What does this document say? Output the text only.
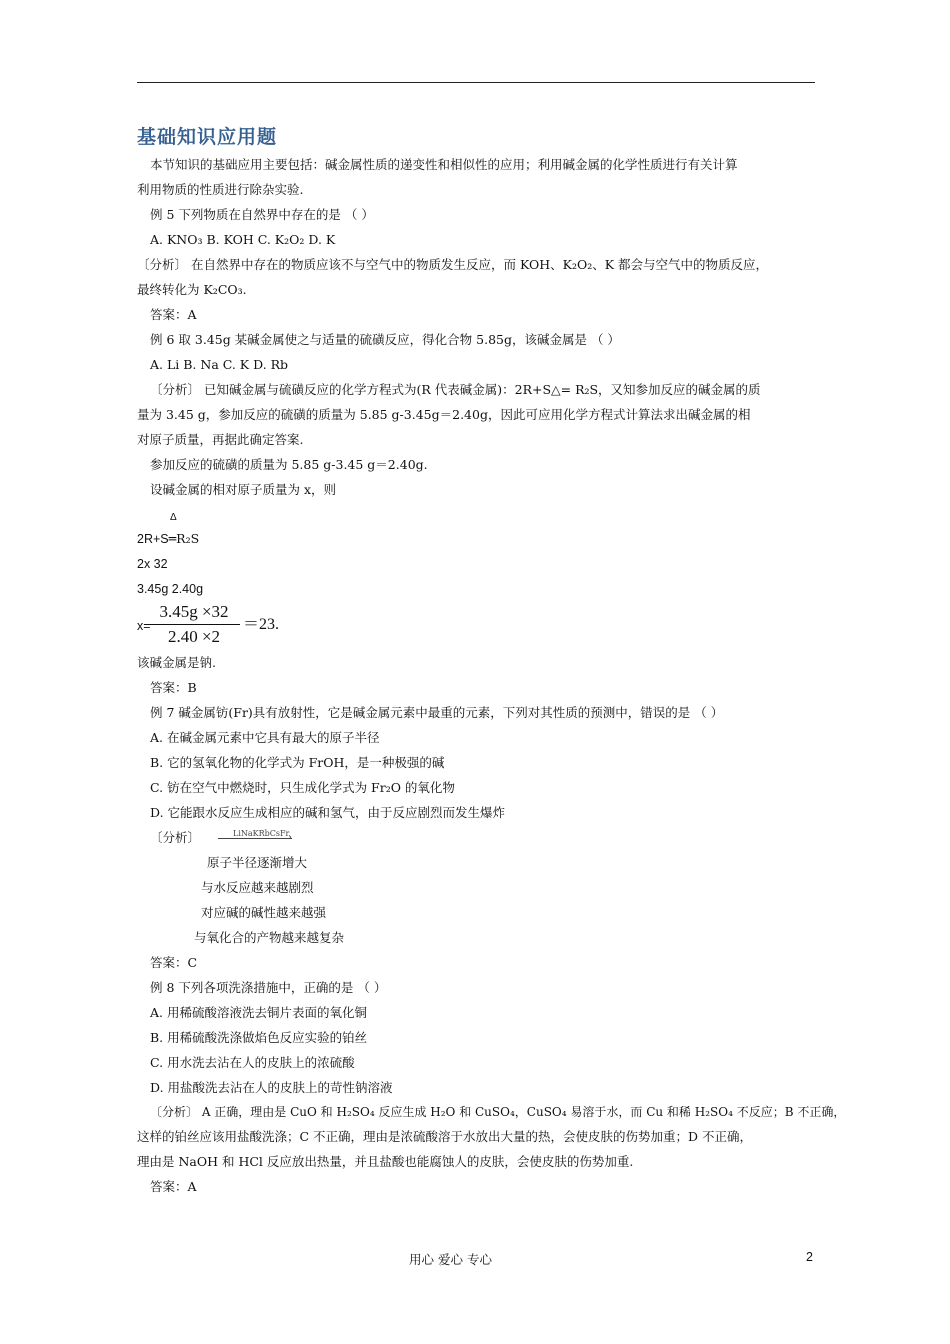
基础知识应用题
本节知识的基础应用主要包括：碱金属性质的递变性和相似性的应用；利用碱金属的化学性质进行有关计算
利用物质的性质进行除杂实验.
例 5 下列物质在自然界中存在的是 （ ）
A. KNO₃ B. KOH C. K₂O₂ D. K
〔分析〕 在自然界中存在的物质应该不与空气中的物质发生反应，而 KOH、K₂O₂、K 都会与空气中的物质反应，
最终转化为 K₂CO₃.
答案：A
例 6 取 3.45g 某碱金属使之与适量的硫磺反应，得化合物 5.85g，该碱金属是 （ ）
A. Li B. Na C. K D. Rb
〔分析〕 已知碱金属与硫磺反应的化学方程式为(R 代表碱金属)：2R+S△= R₂S，又知参加反应的碱金属的质
量为 3.45 g，参加反应的硫磺的质量为 5.85 g-3.45g＝2.40g，因此可应用化学方程式计算法求出碱金属的相
对原子质量，再据此确定答案.
参加反应的硫磺的质量为 5.85 g-3.45 g＝2.40g.
设碱金属的相对原子质量为 x，则
Δ
2R+S═R₂S
2x 32
3.45g 2.40g
x=
$\frac{3.45g \times 32}{2.40 \times 2} =23$.
该碱金属是钠.
答案：B
例 7 碱金属钫(Fr)具有放射性，它是碱金属元素中最重的元素，下列对其性质的预测中，错误的是 （ ）
A. 在碱金属元素中它具有最大的原子半径
B. 它的氢氧化物的化学式为 FrOH，是一种极强的碱
C. 钫在空气中燃烧时，只生成化学式为 Fr₂O 的氧化物
D. 它能跟水反应生成相应的碱和氢气，由于反应剧烈而发生爆炸
〔分析〕	LiNaKRbCsFr
›
原子半径逐渐增大
与水反应越来越剧烈
对应碱的碱性越来越强
与氧化合的产物越来越复杂
答案：C
例 8 下列各项洗涤措施中，正确的是 （ ）
A. 用稀硫酸溶液洗去铜片表面的氧化铜
B. 用稀硫酸洗涤做焰色反应实验的铂丝
C. 用水洗去沾在人的皮肤上的浓硫酸
D. 用盐酸洗去沾在人的皮肤上的苛性钠溶液
〔分析〕 A 正确，理由是 CuO 和 H₂SO₄ 反应生成 H₂O 和 CuSO₄，CuSO₄ 易溶于水，而 Cu 和稀 H₂SO₄ 不反应；B 不正确，
这样的铂丝应该用盐酸洗涤；C 不正确，理由是浓硫酸溶于水放出大量的热，会使皮肤的伤势加重；D 不正确，
理由是 NaOH 和 HCl 反应放出热量，并且盐酸也能腐蚀人的皮肤，会使皮肤的伤势加重.
答案：A
用心 爱心 专心	2
